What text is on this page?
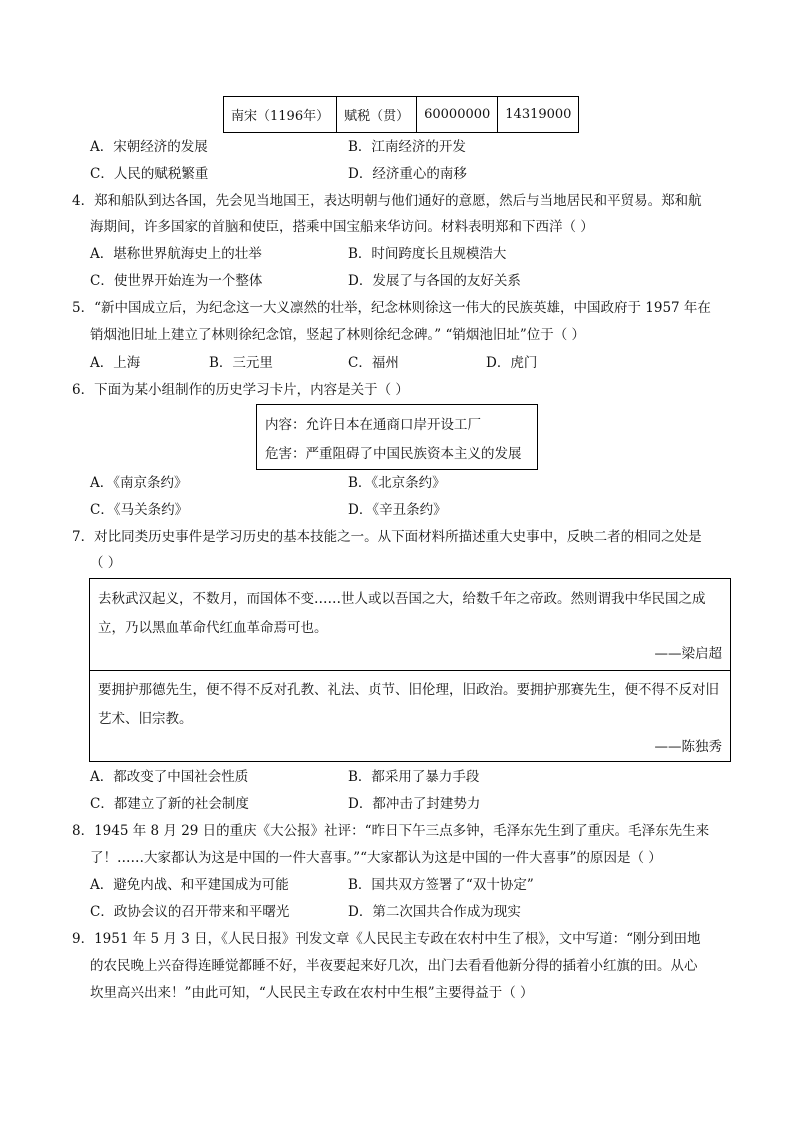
南宋（1196年）	赋税（贯）	60000000	14319000
A．宋朝经济的发展	B．江南经济的开发
C．人民的赋税繁重	D．经济重心的南移
4．郑和船队到达各国，先会见当地国王，表达明朝与他们通好的意愿，然后与当地居民和平贸易。郑和航
海期间，许多国家的首脑和使臣，搭乘中国宝船来华访问。材料表明郑和下西洋（ ）
A．堪称世界航海史上的壮举	B．时间跨度长且规模浩大
C．使世界开始连为一个整体	D．发展了与各国的友好关系
5．“新中国成立后，为纪念这一大义凛然的壮举，纪念林则徐这一伟大的民族英雄，中国政府于 1957 年在
销烟池旧址上建立了林则徐纪念馆，竖起了林则徐纪念碑。” “销烟池旧址”位于（ ）
A．上海	B．三元里	C．福州	D．虎门
6．下面为某小组制作的历史学习卡片，内容是关于（ ）
内容：允许日本在通商口岸开设工厂
危害：严重阻碍了中国民族资本主义的发展
A．《南京条约》	B．《北京条约》
C．《马关条约》	D．《辛丑条约》
7．对比同类历史事件是学习历史的基本技能之一。从下面材料所描述重大史事中，反映二者的相同之处是
（ ）
去秋武汉起义，不数月，而国体不变……世人或以吾国之大，给数千年之帝政。然则谓我中华民国之成立，乃以黑血革命代红血革命焉可也。
——梁启超
要拥护那德先生，便不得不反对孔教、礼法、贞节、旧伦理，旧政治。要拥护那赛先生，便不得不反对旧艺术、旧宗教。
——陈独秀
A．都改变了中国社会性质	B．都采用了暴力手段
C．都建立了新的社会制度	D．都冲击了封建势力
8．1945 年 8 月 29 日的重庆《大公报》社评：“昨日下午三点多钟，毛泽东先生到了重庆。毛泽东先生来
了！……大家都认为这是中国的一件大喜事。”“大家都认为这是中国的一件大喜事”的原因是（ ）
A．避免内战、和平建国成为可能	B．国共双方签署了“双十协定”
C．政协会议的召开带来和平曙光	D．第二次国共合作成为现实
9．1951 年 5 月 3 日，《人民日报》刊发文章《人民民主专政在农村中生了根》，文中写道：“刚分到田地
的农民晚上兴奋得连睡觉都睡不好，半夜要起来好几次，出门去看看他新分得的插着小红旗的田。从心
坎里高兴出来！”由此可知，“人民民主专政在农村中生根”主要得益于（ ）
